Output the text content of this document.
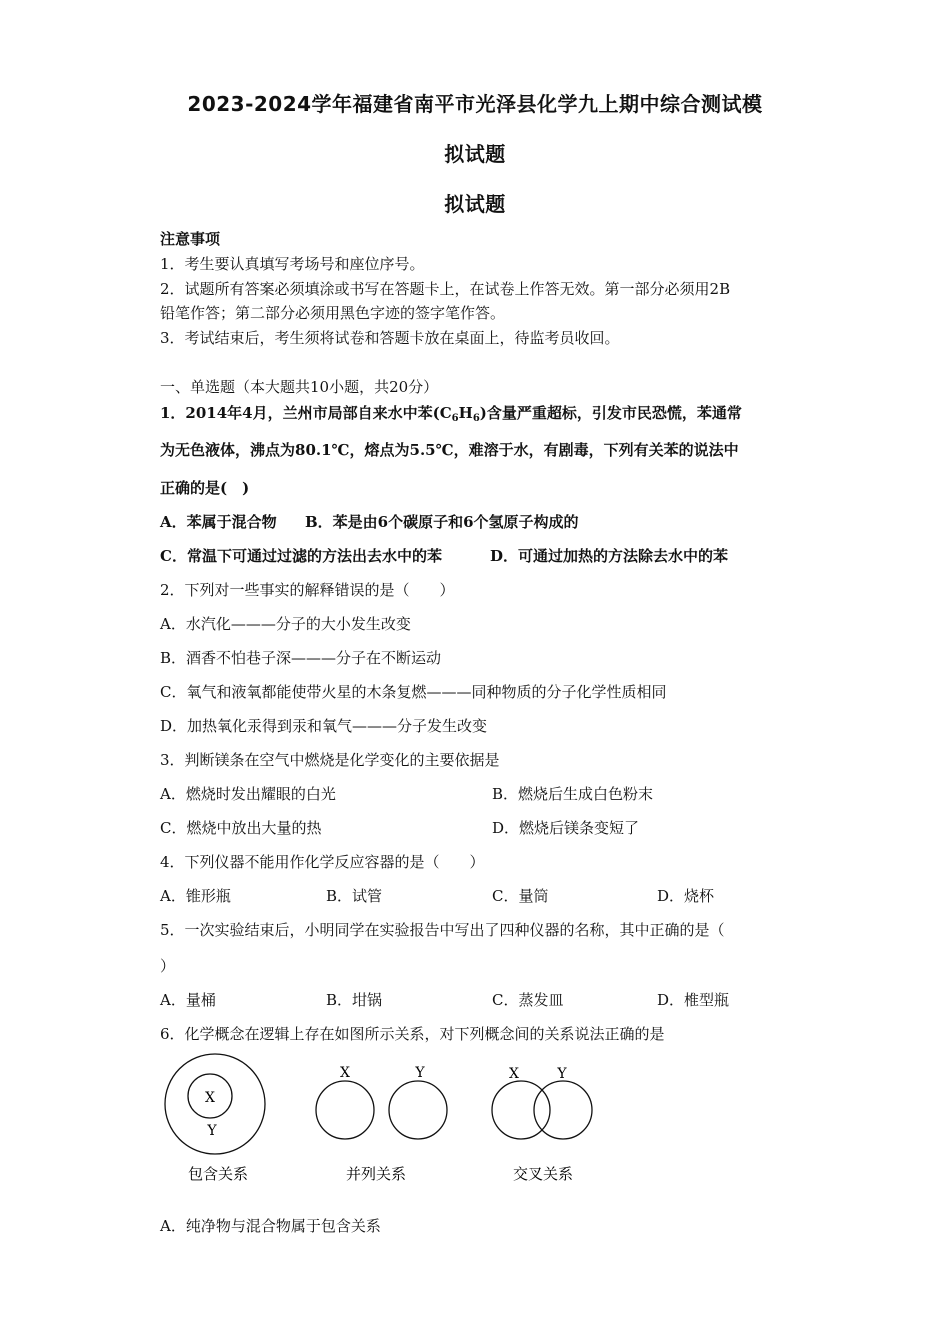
2023-2024学年福建省南平市光泽县化学九上期中综合测试模
拟试题
拟试题
注意事项
1．考生要认真填写考场号和座位序号。
2．试题所有答案必须填涂或书写在答题卡上，在试卷上作答无效。第一部分必须用2B
铅笔作答；第二部分必须用黑色字迹的签字笔作答。
3．考试结束后，考生须将试卷和答题卡放在桌面上，待监考员收回。
一、单选题（本大题共10小题，共20分）
1．2014年4月，兰州市局部自来水中苯$(C_6H_6)$含量严重超标，引发市民恐慌，苯通常
为无色液体，沸点为80.1℃，熔点为5.5℃，难溶于水，有剧毒，下列有关苯的说法中
正确的是(　)
A．苯属于混合物 B．苯是由6个碳原子和6个氢原子构成的
C．常温下可通过过滤的方法出去水中的苯	D．可通过加热的方法除去水中的苯
2．下列对一些事实的解释错误的是（　　）
A．水汽化———分子的大小发生改变
B．酒香不怕巷子深———分子在不断运动
C．氧气和液氧都能使带火星的木条复燃———同种物质的分子化学性质相同
D．加热氧化汞得到汞和氧气———分子发生改变
3．判断镁条在空气中燃烧是化学变化的主要依据是
A．燃烧时发出耀眼的白光	B．燃烧后生成白色粉末
C．燃烧中放出大量的热	D．燃烧后镁条变短了
4．下列仪器不能用作化学反应容器的是（　　）
A．锥形瓶	B．试管	C．量筒	D．烧杯
5．一次实验结束后，小明同学在实验报告中写出了四种仪器的名称，其中正确的是（
）
A．量桶	B．坩锅	C．蒸发皿	D．椎型瓶
6．化学概念在逻辑上存在如图所示关系，对下列概念间的关系说法正确的是
X
Y
包含关系
X	Y
并列关系
X	Y
交叉关系
A．纯净物与混合物属于包含关系
